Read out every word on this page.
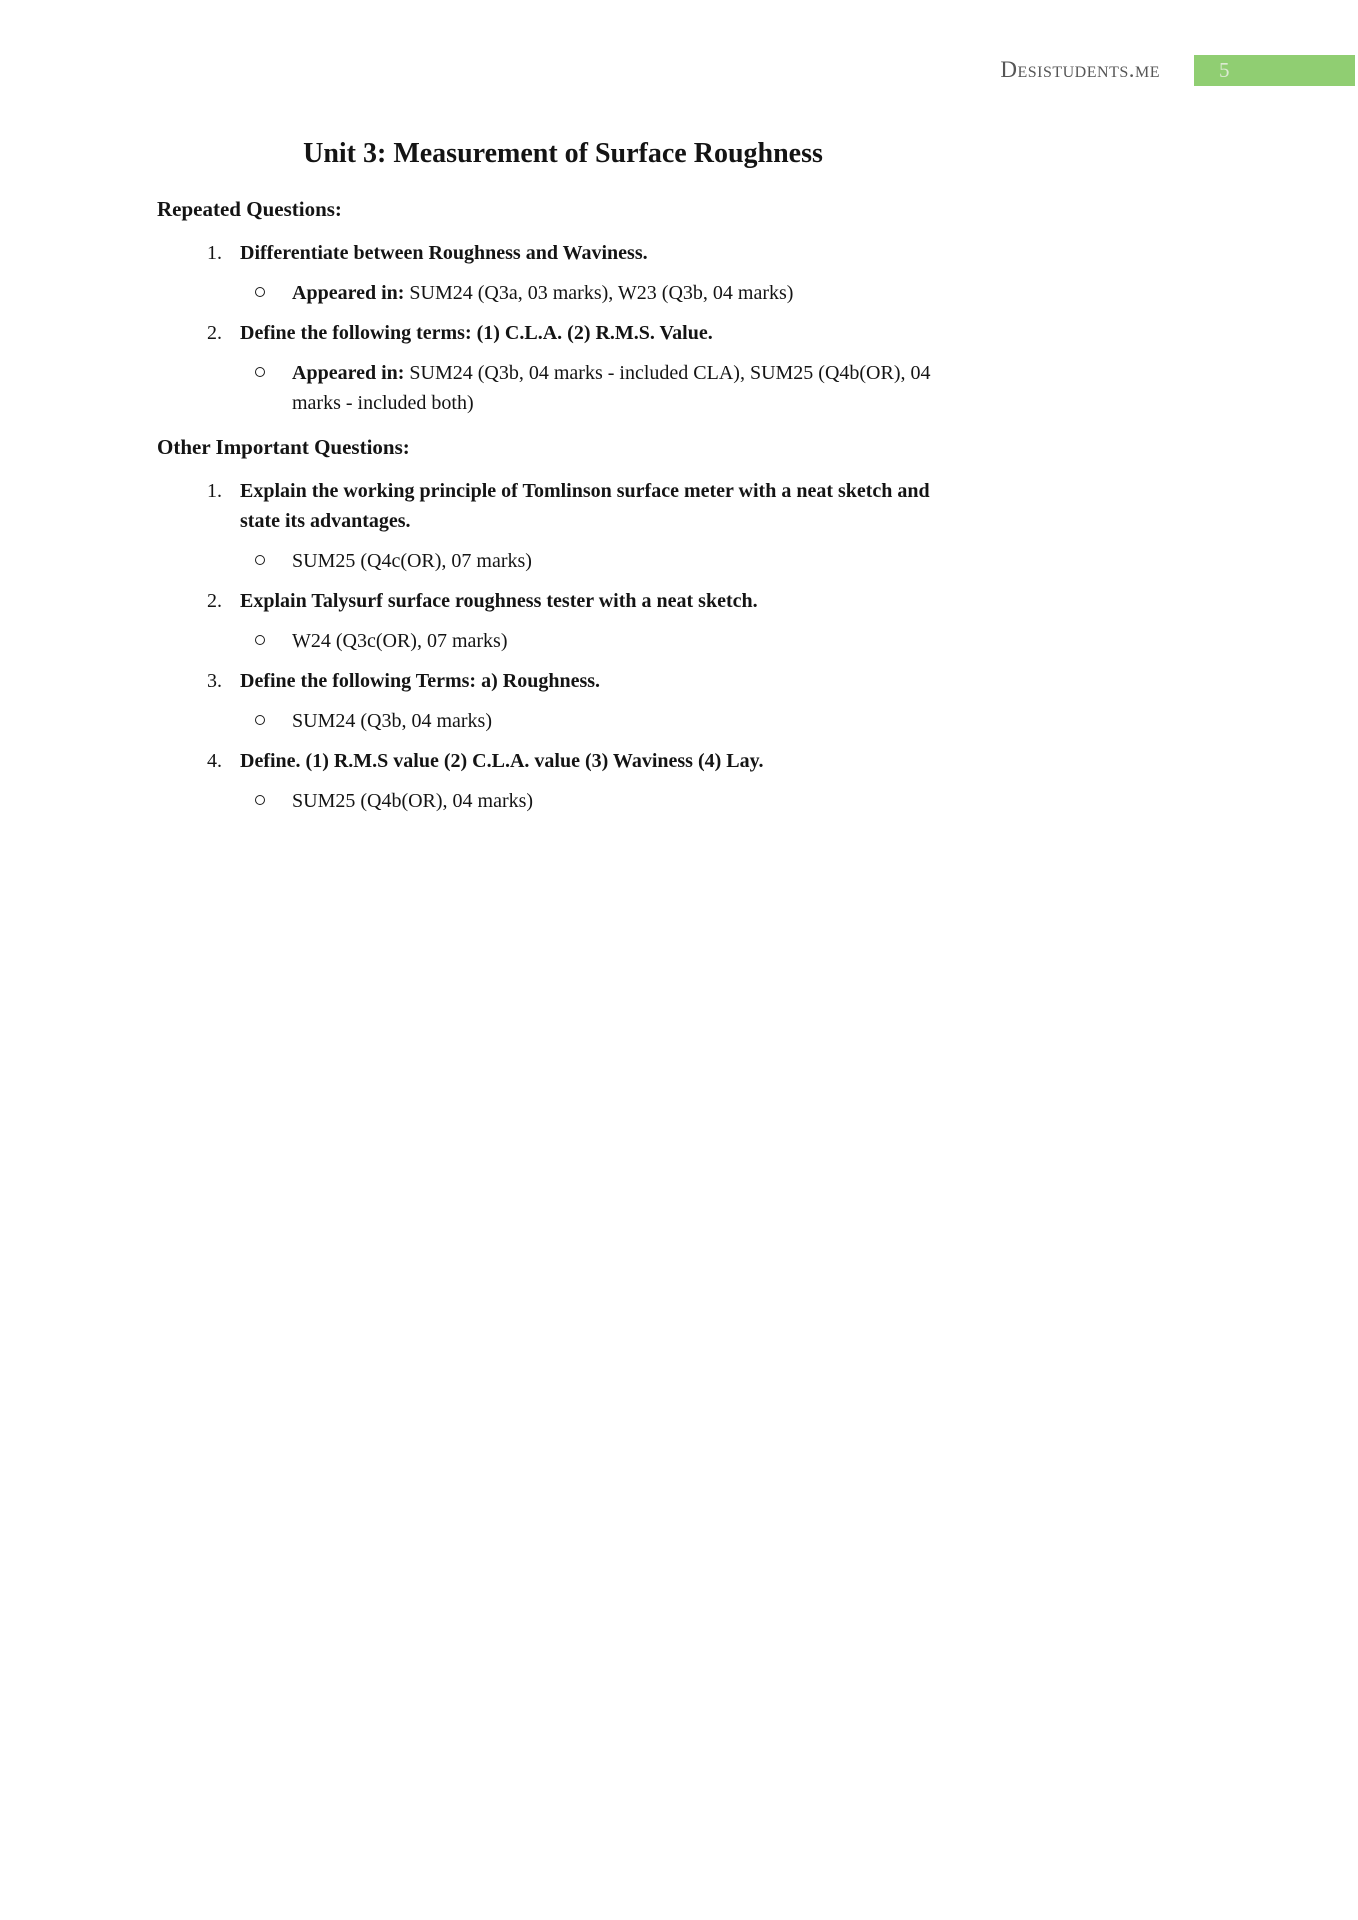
Desistudents.me	5
Unit 3: Measurement of Surface Roughness
Repeated Questions:
1. Differentiate between Roughness and Waviness.
Appeared in: SUM24 (Q3a, 03 marks), W23 (Q3b, 04 marks)
2. Define the following terms: (1) C.L.A. (2) R.M.S. Value.
Appeared in: SUM24 (Q3b, 04 marks - included CLA), SUM25 (Q4b(OR), 04 marks - included both)
Other Important Questions:
1. Explain the working principle of Tomlinson surface meter with a neat sketch and state its advantages.
SUM25 (Q4c(OR), 07 marks)
2. Explain Talysurf surface roughness tester with a neat sketch.
W24 (Q3c(OR), 07 marks)
3. Define the following Terms: a) Roughness.
SUM24 (Q3b, 04 marks)
4. Define. (1) R.M.S value (2) C.L.A. value (3) Waviness (4) Lay.
SUM25 (Q4b(OR), 04 marks)
